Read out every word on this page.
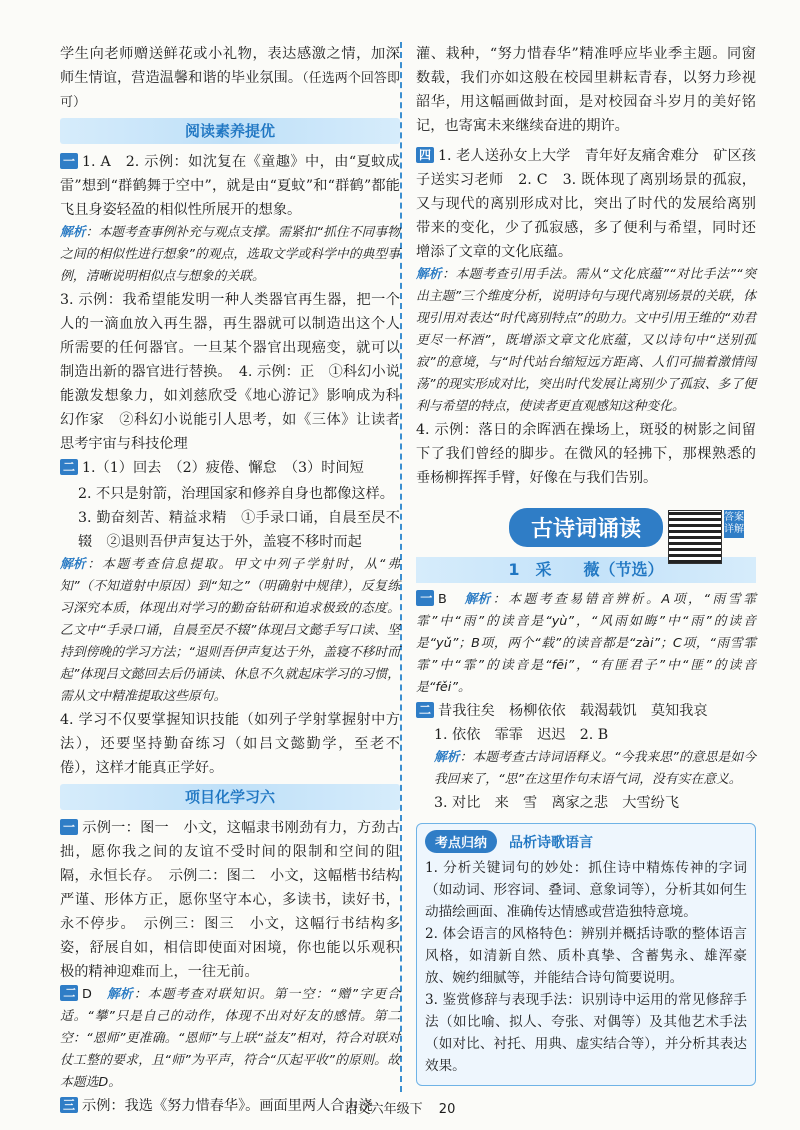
学生向老师赠送鲜花或小礼物，表达感激之情，加深师生情谊，营造温馨和谐的毕业氛围。（任选两个回答即可）

阅读素养提优

一 1. A　2. 示例：如沈复在《童趣》中，由“夏蚊成雷”想到“群鹤舞于空中”，就是由“夏蚊”和“群鹤”都能飞且身姿轻盈的相似性所展开的想象。

解析：本题考查事例补充与观点支撑。需紧扣“抓住不同事物之间的相似性进行想象”的观点，选取文学或科学中的典型事例，清晰说明相似点与想象的关联。

3. 示例：我希望能发明一种人类器官再生器，把一个人的一滴血放入再生器，再生器就可以制造出这个人所需要的任何器官。一旦某个器官出现癌变，就可以制造出新的器官进行替换。　4. 示例：正　①科幻小说能激发想象力，如刘慈欣受《地心游记》影响成为科幻作家　②科幻小说能引人思考，如《三体》让读者思考宇宙与科技伦理

二 1.（1）回去　（2）疲倦、懈怠　（3）时间短

2. 不只是射箭，治理国家和修养自身也都像这样。

3. 勤奋刻苦、精益求精　①手录口诵，自晨至昃不辍　②退则吾伊声复达于外，盖寝不移时而起

解析：本题考查信息提取。甲文中列子学射时，从“弗知”（不知道射中原因）到“知之”（明确射中规律），反复练习深究本质，体现出对学习的勤奋钻研和追求极致的态度。乙文中“手录口诵，自晨至昃不辍”体现吕文懿手写口读、坚持到傍晚的学习方法；“退则吾伊声复达于外，盖寝不移时而起”体现吕文懿回去后仍诵读、休息不久就起床学习的习惯，需从文中精准提取这些原句。

4. 学习不仅要掌握知识技能（如列子学射掌握射中方法），还要坚持勤奋练习（如吕文懿勤学，至老不倦），这样才能真正学好。

项目化学习六

一 示例一：图一　小文，这幅隶书刚劲有力，方劲古拙，愿你我之间的友谊不受时间的限制和空间的阻隔，永恒长存。　示例二：图二　小文，这幅楷书结构严谨、形体方正，愿你坚守本心，多读书，读好书，永不停步。　示例三：图三　小文，这幅行书结构多姿，舒展自如，相信即使面对困境，你也能以乐观积极的精神迎难而上，一往无前。

二 D　 解析：本题考查对联知识。第一空：“赠”字更合适。“攀”只是自己的动作，体现不出对好友的感情。第二空：“恩师”更准确。“恩师”与上联“益友”相对，符合对联对仗工整的要求，且“师”为平声，符合“仄起平收”的原则。故本题选D。

三 示例：我选《努力惜春华》。画面里两人合力浇

灌、栽种，“努力惜春华”精准呼应毕业季主题。同窗数载，我们亦如这般在校园里耕耘青春，以努力珍视韶华，用这幅画做封面，是对校园奋斗岁月的美好铭记，也寄寓未来继续奋进的期许。

四 1. 老人送孙女上大学　青年好友痛舍难分　矿区孩子送实习老师　2. C　3. 既体现了离别场景的孤寂，又与现代的离别形成对比，突出了时代的发展给离别带来的变化，少了孤寂感，多了便利与希望，同时还增添了文章的文化底蕴。

解析：本题考查引用手法。需从“文化底蕴”“对比手法”“突出主题”三个维度分析，说明诗句与现代离别场景的关联，体现引用对表达“时代离别特点”的助力。文中引用王维的“劝君更尽一杯酒”，既增添文章文化底蕴，又以诗句中“送别孤寂”的意境，与“时代站台缩短远方距离、人们可揣着激情闯荡”的现实形成对比，突出时代发展让离别少了孤寂、多了便利与希望的特点，使读者更直观感知这种变化。

4. 示例：落日的余晖洒在操场上，斑驳的树影之间留下了我们曾经的脚步。在微风的轻拂下，那棵熟悉的垂杨柳挥挥手臂，好像在与我们告别。

古诗词诵读
1　采　　薇（节选）

一 B　 解析：本题考查易错音辨析。A项，“雨雪霏霏”中“雨”的读音是“yù”，“风雨如晦”中“雨”的读音是“yǔ”；B项，两个“载”的读音都是“zài”；C项，“雨雪霏霏”中“霏”的读音是“fēi”，“有匪君子”中“匪”的读音是“fěi”。

二 昔我往矣　杨柳依依　载渴载饥　莫知我哀

1. 依依　霏霏　迟迟　2. B

解析：本题考查古诗词语释义。“今我来思”的意思是如今我回来了，“思”在这里作句末语气词，没有实在意义。

3. 对比　来　雪　离家之悲　大雪纷飞

考点归纳	品析诗歌语言

1. 分析关键词句的妙处：抓住诗中精炼传神的字词（如动词、形容词、叠词、意象词等），分析其如何生动描绘画面、准确传达情感或营造独特意境。

2. 体会语言的风格特色：辨别并概括诗歌的整体语言风格，如清新自然、质朴真挚、含蓄隽永、雄浑豪放、婉约细腻等，并能结合诗句简要说明。

3. 鉴赏修辞与表现手法：识别诗中运用的常见修辞手法（如比喻、拟人、夸张、对偶等）及其他艺术手法（如对比、衬托、用典、虚实结合等），并分析其表达效果。

答案详解
语文六年级下 20
